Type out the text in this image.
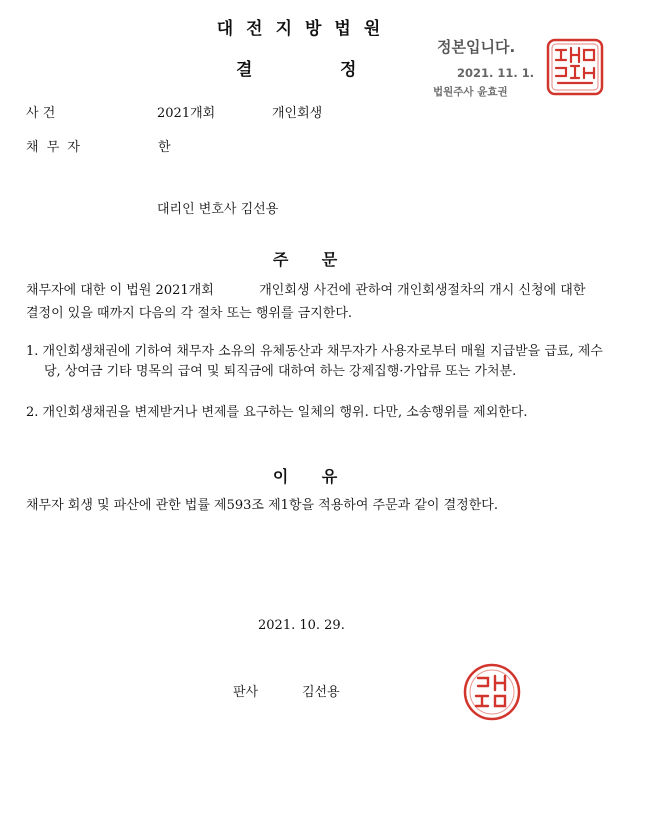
대전지방법원
결	정
정본입니다.
2021. 11. 1.
법원주사 윤효권
사 건	2021개회	개인회생
채 무 자	한
대리인 변호사 김선용
주      문
채무자에 대한 이 법원 2021개회           개인회생 사건에 관하여 개인회생절차의 개시 신청에 대한 결정이 있을 때까지 다음의 각 절차 또는 행위를 금지한다.
1. 개인회생채권에 기하여 채무자 소유의 유체동산과 채무자가 사용자로부터 매월 지급받을 급료, 제수당, 상여금 기타 명목의 급여 및 퇴직금에 대하여 하는 강제집행·가압류 또는 가처분.
2. 개인회생채권을 변제받거나 변제를 요구하는 일체의 행위. 다만, 소송행위를 제외한다.
이      유
채무자 회생 및 파산에 관한 법률 제593조 제1항을 적용하여 주문과 같이 결정한다.
2021. 10. 29.
판사	김선용
